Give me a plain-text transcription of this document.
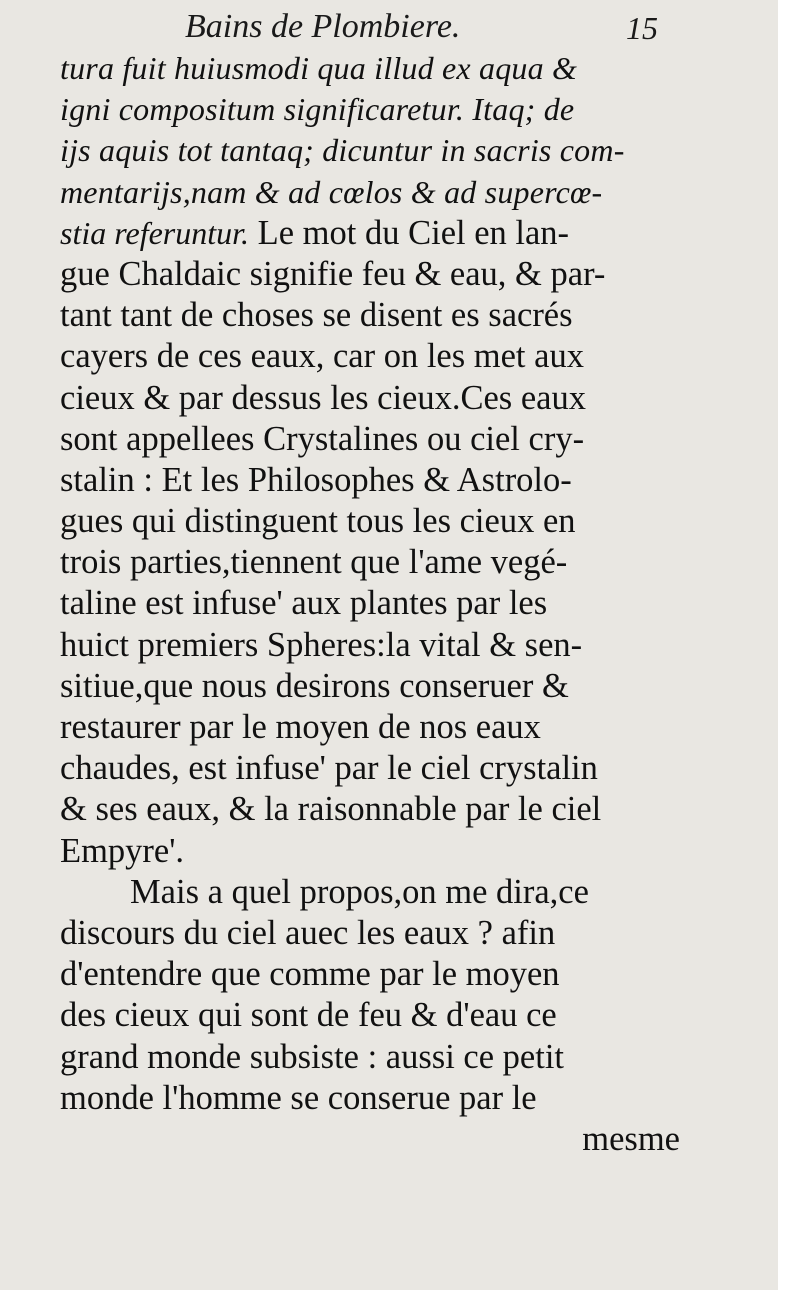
Bains de Plombiere.	15
tura fuit huiusmodi qua illud ex aqua &
igni compositum significaretur. Itaq; de
ijs aquis tot tantaq; dicuntur in sacris com-
mentarijs,nam & ad cœlos & ad supercœ-
stia referuntur. Le mot du Ciel en lan-
gue Chaldaic signifie feu & eau, & par-
tant tant de choses se disent es sacrés
cayers de ces eaux, car on les met aux
cieux & par dessus les cieux.Ces eaux
sont appellees Crystalines ou ciel cry-
stalin : Et les Philosophes & Astrolo-
gues qui distinguent tous les cieux en
trois parties,tiennent que l'ame vegé-
taline est infuse' aux plantes par les
huict premiers Spheres:la vital & sen-
sitiue,que nous desirons conseruer &
restaurer par le moyen de nos eaux
chaudes, est infuse' par le ciel crystalin
& ses eaux, & la raisonnable par le ciel
Empyre'.
Mais a quel propos,on me dira,ce
discours du ciel auec les eaux ? afin
d'entendre que comme par le moyen
des cieux qui sont de feu & d'eau ce
grand monde subsiste : aussi ce petit
monde l'homme se conserue par le
mesme
